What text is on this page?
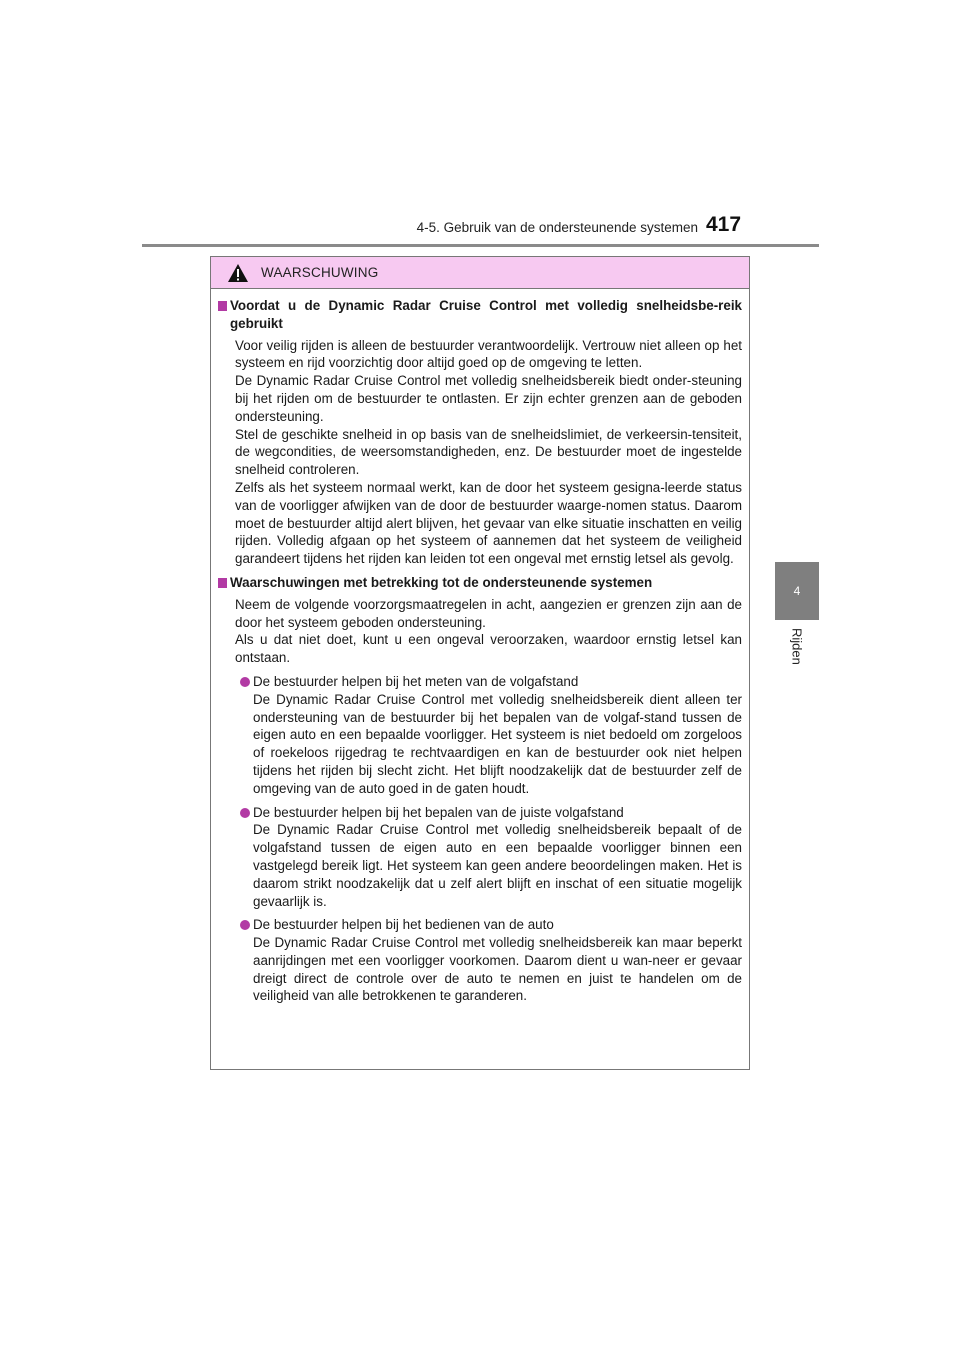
4-5. Gebruik van de ondersteunende systemen 417
4
Rijden
WAARSCHUWING
Voordat u de Dynamic Radar Cruise Control met volledig snelheidsbe-reik gebruikt

Voor veilig rijden is alleen de bestuurder verantwoordelijk. Vertrouw niet alleen op het systeem en rijd voorzichtig door altijd goed op de omgeving te letten.

De Dynamic Radar Cruise Control met volledig snelheidsbereik biedt onder-steuning bij het rijden om de bestuurder te ontlasten. Er zijn echter grenzen aan de geboden ondersteuning.

Stel de geschikte snelheid in op basis van de snelheidslimiet, de verkeersin-tensiteit, de wegcondities, de weersomstandigheden, enz. De bestuurder moet de ingestelde snelheid controleren.

Zelfs als het systeem normaal werkt, kan de door het systeem gesigna-leerde status van de voorligger afwijken van de door de bestuurder waarge-nomen status. Daarom moet de bestuurder altijd alert blijven, het gevaar van elke situatie inschatten en veilig rijden. Volledig afgaan op het systeem of aannemen dat het systeem de veiligheid garandeert tijdens het rijden kan leiden tot een ongeval met ernstig letsel als gevolg.

Waarschuwingen met betrekking tot de ondersteunende systemen

Neem de volgende voorzorgsmaatregelen in acht, aangezien er grenzen zijn aan de door het systeem geboden ondersteuning.

Als u dat niet doet, kunt u een ongeval veroorzaken, waardoor ernstig letsel kan ontstaan.

De bestuurder helpen bij het meten van de volgafstand

De Dynamic Radar Cruise Control met volledig snelheidsbereik dient alleen ter ondersteuning van de bestuurder bij het bepalen van de volgaf-stand tussen de eigen auto en een bepaalde voorligger. Het systeem is niet bedoeld om zorgeloos of roekeloos rijgedrag te rechtvaardigen en kan de bestuurder ook niet helpen tijdens het rijden bij slecht zicht. Het blijft noodzakelijk dat de bestuurder zelf de omgeving van de auto goed in de gaten houdt.

De bestuurder helpen bij het bepalen van de juiste volgafstand

De Dynamic Radar Cruise Control met volledig snelheidsbereik bepaalt of de volgafstand tussen de eigen auto en een bepaalde voorligger binnen een vastgelegd bereik ligt. Het systeem kan geen andere beoordelingen maken. Het is daarom strikt noodzakelijk dat u zelf alert blijft en inschat of een situatie mogelijk gevaarlijk is.

De bestuurder helpen bij het bedienen van de auto

De Dynamic Radar Cruise Control met volledig snelheidsbereik kan maar beperkt aanrijdingen met een voorligger voorkomen. Daarom dient u wan-neer er gevaar dreigt direct de controle over de auto te nemen en juist te handelen om de veiligheid van alle betrokkenen te garanderen.
